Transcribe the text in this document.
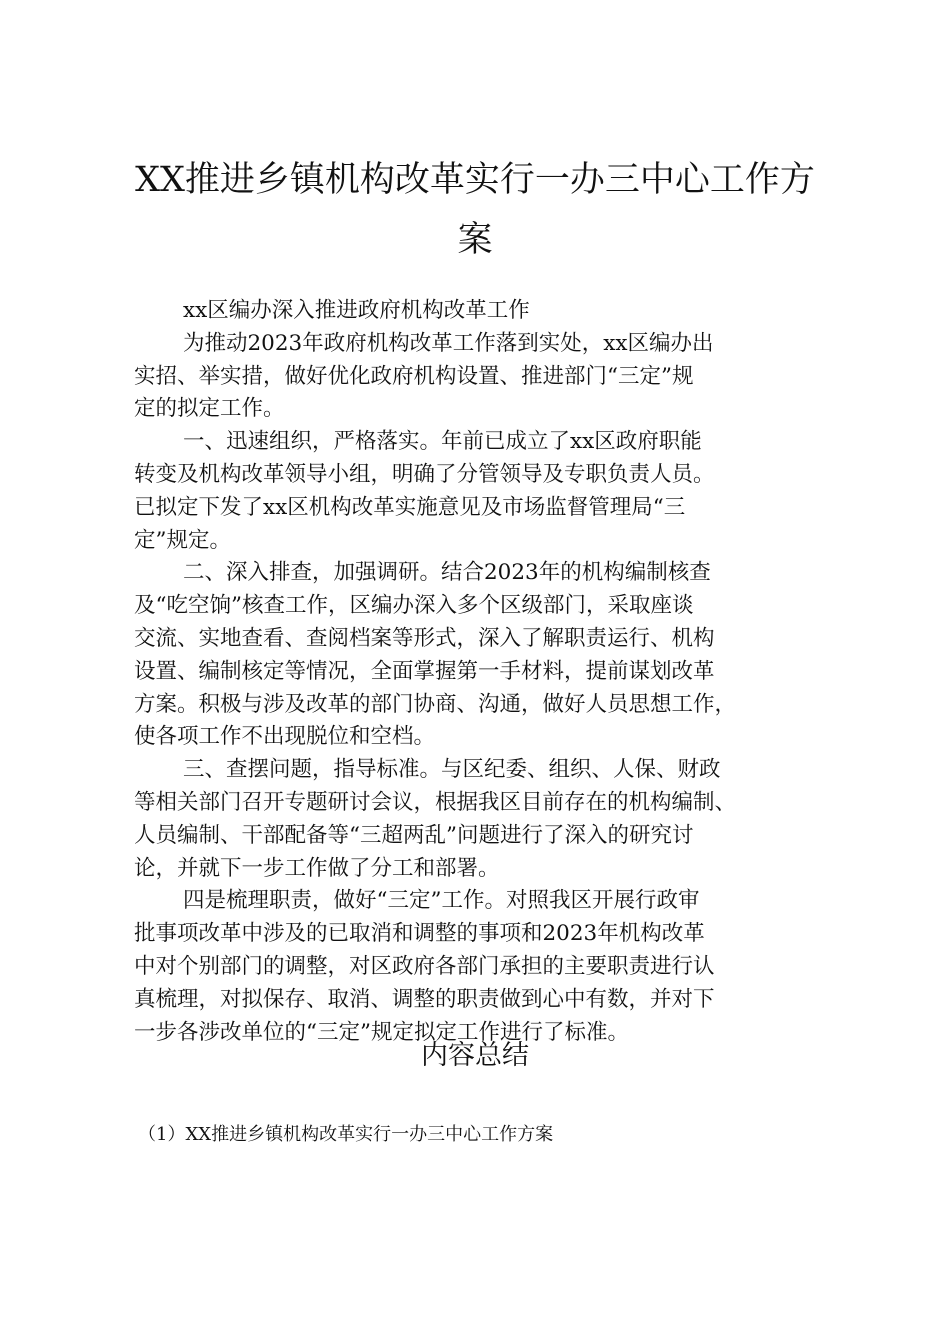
XX推进乡镇机构改革实行一办三中心工作方
案

xx区编办深入推进政府机构改革工作

为推动2023年政府机构改革工作落到实处，xx区编办出
实招、举实措，做好优化政府机构设置、推进部门“三定”规
定的拟定工作。

一、迅速组织，严格落实。年前已成立了xx区政府职能
转变及机构改革领导小组，明确了分管领导及专职负责人员。
已拟定下发了xx区机构改革实施意见及市场监督管理局“三
定”规定。

二、深入排查，加强调研。结合2023年的机构编制核查
及“吃空饷”核查工作，区编办深入多个区级部门，采取座谈
交流、实地查看、查阅档案等形式，深入了解职责运行、机构
设置、编制核定等情况，全面掌握第一手材料，提前谋划改革
方案。积极与涉及改革的部门协商、沟通，做好人员思想工作，
使各项工作不出现脱位和空档。

三、查摆问题，指导标准。与区纪委、组织、人保、财政
等相关部门召开专题研讨会议，根据我区目前存在的机构编制、
人员编制、干部配备等“三超两乱”问题进行了深入的研究讨
论，并就下一步工作做了分工和部署。

四是梳理职责，做好“三定”工作。对照我区开展行政审
批事项改革中涉及的已取消和调整的事项和2023年机构改革
中对个别部门的调整，对区政府各部门承担的主要职责进行认
真梳理，对拟保存、取消、调整的职责做到心中有数，并对下
一步各涉改单位的“三定”规定拟定工作进行了标准。

内容总结

（1）XX推进乡镇机构改革实行一办三中心工作方案
